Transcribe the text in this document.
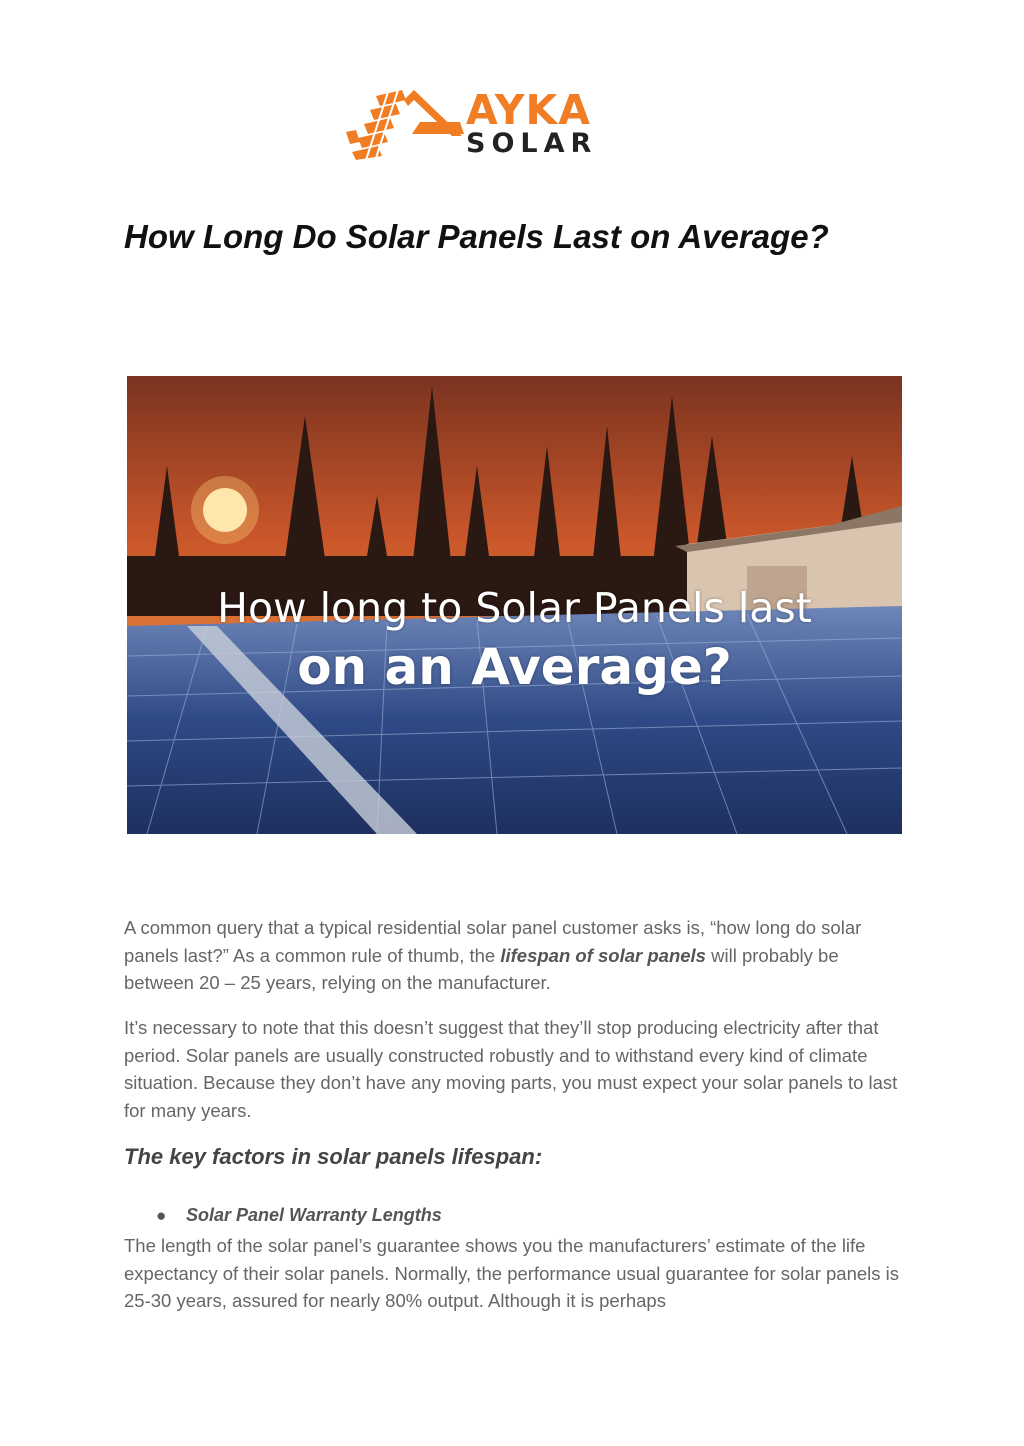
AYKA
SOLAR
How Long Do Solar Panels Last on Average?
How long to Solar Panels last
on an Average?

A common query that a typical residential solar panel customer asks is, “how long do solar panels last?” As a common rule of thumb, the lifespan of solar panels will probably be between 20 – 25 years, relying on the manufacturer.

It’s necessary to note that this doesn’t suggest that they’ll stop producing electricity after that period. Solar panels are usually constructed robustly and to withstand every kind of climate situation. Because they don’t have any moving parts, you must expect your solar panels to last for many years.

The key factors in solar panels lifespan:
● Solar Panel Warranty Lengths

The length of the solar panel’s guarantee shows you the manufacturers’ estimate of the life expectancy of their solar panels. Normally, the performance usual guarantee for solar panels is 25-30 years, assured for nearly 80% output. Although it is perhaps
